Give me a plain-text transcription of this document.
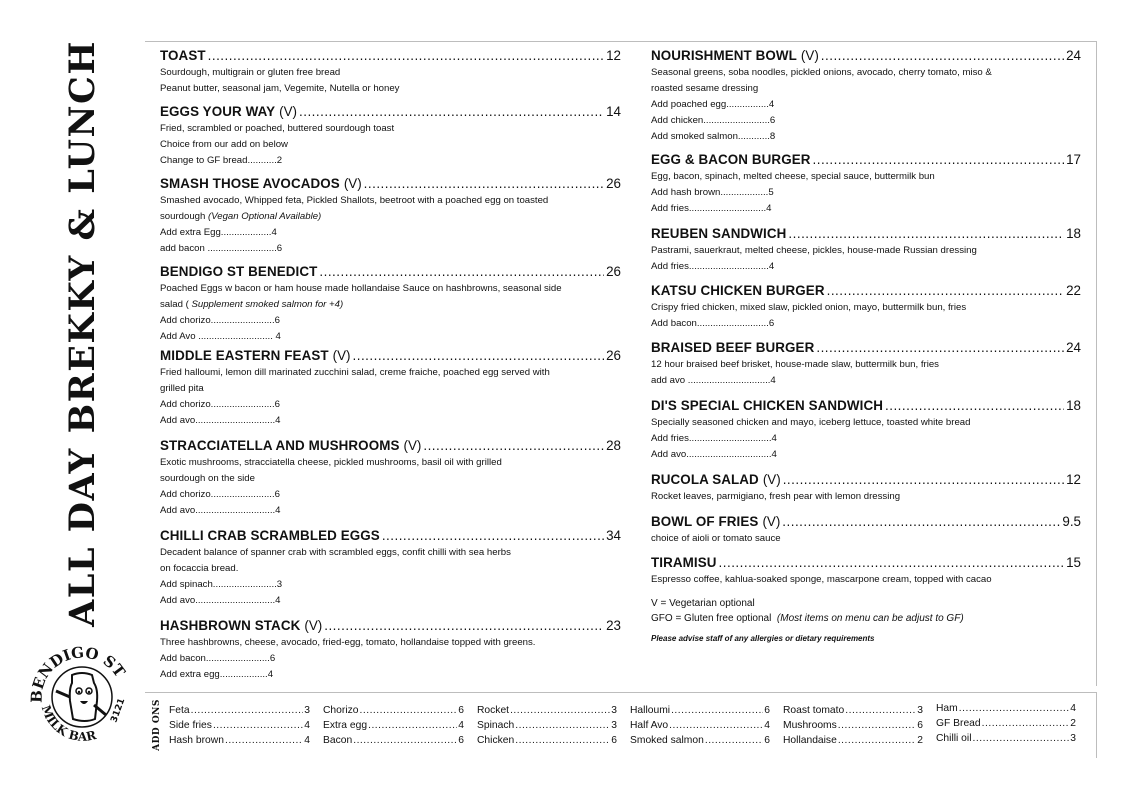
ALL DAY BREKKY & LUNCH
BENDIGO ST
MILK BAR
3121
TOAST .....	12
Sourdough, multigrain or gluten free bread
Peanut butter, seasonal jam, Vegemite, Nutella or honey
EGGS YOUR WAY (V) .....	14
Fried, scrambled or poached, buttered sourdough toast
Choice from our add on below
Change to GF bread...........2
SMASH THOSE AVOCADOS (V) .....	26
Smashed avocado, Whipped feta, Pickled Shallots, beetroot with a poached egg on toasted
sourdough (Vegan Optional Available)
Add extra Egg...................4
add bacon ..........................6
BENDIGO ST BENEDICT .....	26
Poached Eggs w bacon or ham house made hollandaise Sauce on hashbrowns, seasonal side
salad ( Supplement smoked salmon for +4)
Add chorizo........................6
Add Avo ............................ 4
MIDDLE EASTERN FEAST (V) .....	26
Fried halloumi, lemon dill marinated zucchini salad, creme fraiche, poached egg served with
grilled pita
Add chorizo........................6
Add avo..............................4
STRACCIATELLA AND MUSHROOMS (V) .....	28
Exotic mushrooms, stracciatella cheese, pickled mushrooms, basil oil with grilled
sourdough on the side
Add chorizo........................6
Add avo..............................4
CHILLI CRAB SCRAMBLED EGGS .....	34
Decadent balance of spanner crab with scrambled eggs, confit chilli with sea herbs
on focaccia bread.
Add spinach........................3
Add avo..............................4
HASHBROWN STACK (V) .....	23
Three hashbrowns, cheese, avocado, fried-egg, tomato, hollandaise topped with greens.
Add bacon........................6
Add extra egg..................4
NOURISHMENT BOWL (V) .....	24
Seasonal greens, soba noodles, pickled onions, avocado, cherry tomato, miso &
roasted sesame dressing
Add poached egg................4
Add chicken.........................6
Add smoked salmon............8
EGG & BACON BURGER .....	17
Egg, bacon, spinach, melted cheese, special sauce, buttermilk bun
Add hash brown..................5
Add fries.............................4
REUBEN SANDWICH .....	18
Pastrami, sauerkraut, melted cheese, pickles, house-made Russian dressing
Add fries..............................4
KATSU CHICKEN BURGER .....	22
Crispy fried chicken, mixed slaw, pickled onion, mayo, buttermilk bun, fries
Add bacon...........................6
BRAISED BEEF BURGER .....	24
12 hour braised beef brisket, house-made slaw, buttermilk bun, fries
add avo ...............................4
DI'S SPECIAL CHICKEN SANDWICH .....	18
Specially seasoned chicken and mayo, iceberg lettuce, toasted white bread
Add fries...............................4
Add avo................................4
RUCOLA SALAD (V) .....	12
Rocket leaves, parmigiano, fresh pear with lemon dressing
BOWL OF FRIES (V) .....	9.5
choice of aioli or tomato sauce
TIRAMISU .....	15
Espresso coffee, kahlua-soaked sponge, mascarpone cream, topped with cacao
V = Vegetarian optional
GFO = Gluten free optional (Most items on menu can be adjust to GF)
Please advise staff of any allergies or dietary requirements
ADD ONS Feta .....	3
Side fries .....	4
Hash brown .....	4
Chorizo .....	6
Extra egg .....	4
Bacon .....	6
Rocket .....	3
Spinach .....	3
Chicken .....	6
Halloumi .....	6
Half Avo .....	4
Smoked salmon .....	6
Roast tomato .....	3
Mushrooms .....	6
Hollandaise .....	2
Ham .....	4
GF Bread .....	2
Chilli oil .....	3
